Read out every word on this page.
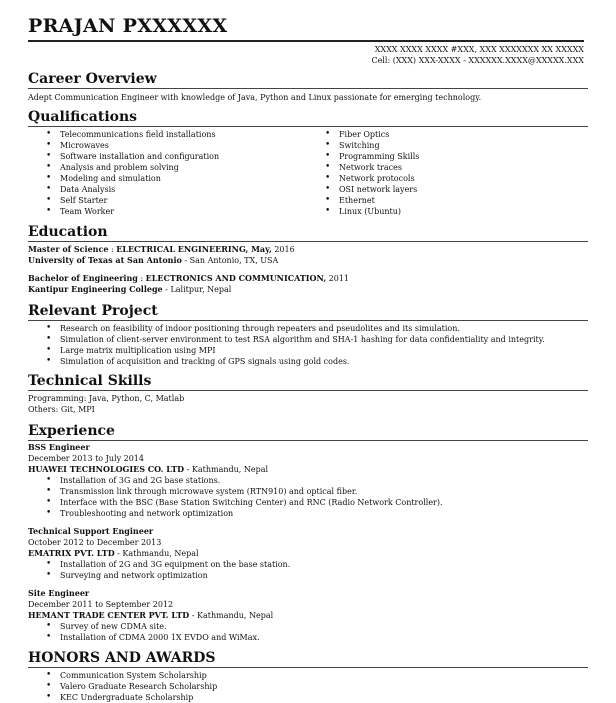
PRAJAN PXXXXXX
XXXX XXXX XXXX #XXX, XXX XXXXXXX XX XXXXX
Cell: (XXX) XXX-XXXX - XXXXXX.XXXX@XXXXX.XXX
Career Overview
Adept Communication Engineer with knowledge of Java, Python and Linux passionate for emerging technology.
Qualifications
• Telecommunications field installations
• Microwaves
• Software installation and configuration
• Analysis and problem solving
• Modeling and simulation
• Data Analysis
• Self Starter
• Team Worker
• Fiber Optics
• Switching
• Programming Skills
• Network traces
• Network protocols
• OSI network layers
• Ethernet
• Linux (Ubuntu)
Education
Master of Science : ELECTRICAL ENGINEERING, May, 2016
University of Texas at San Antonio - San Antonio, TX, USA
Bachelor of Engineering : ELECTRONICS AND COMMUNICATION, 2011
Kantipur Engineering College - Lalitpur, Nepal
Relevant Project
• Research on feasibility of indoor positioning through repeaters and pseudolites and its simulation.
• Simulation of client-server environment to test RSA algorithm and SHA-1 hashing for data confidentiality and integrity.
• Large matrix multiplication using MPI
• Simulation of acquisition and tracking of GPS signals using gold codes.
Technical Skills
Programming: Java, Python, C, Matlab
Others: Git, MPI
Experience
BSS Engineer
December 2013 to July 2014
HUAWEI TECHNOLOGIES CO. LTD - Kathmandu, Nepal
• Installation of 3G and 2G base stations.
• Transmission link through microwave system (RTN910) and optical fiber.
• Interface with the BSC (Base Station Switching Center) and RNC (Radio Network Controller).
• Troubleshooting and network optimization
Technical Support Engineer
October 2012 to December 2013
EMATRIX PVT. LTD - Kathmandu, Nepal
• Installation of 2G and 3G equipment on the base station.
• Surveying and network optimization
Site Engineer
December 2011 to September 2012
HEMANT TRADE CENTER PVT. LTD - Kathmandu, Nepal
• Survey of new CDMA site.
• Installation of CDMA 2000 1X EVDO and WiMax.
HONORS AND AWARDS
• Communication System Scholarship
• Valero Graduate Research Scholarship
• KEC Undergraduate Scholarship
